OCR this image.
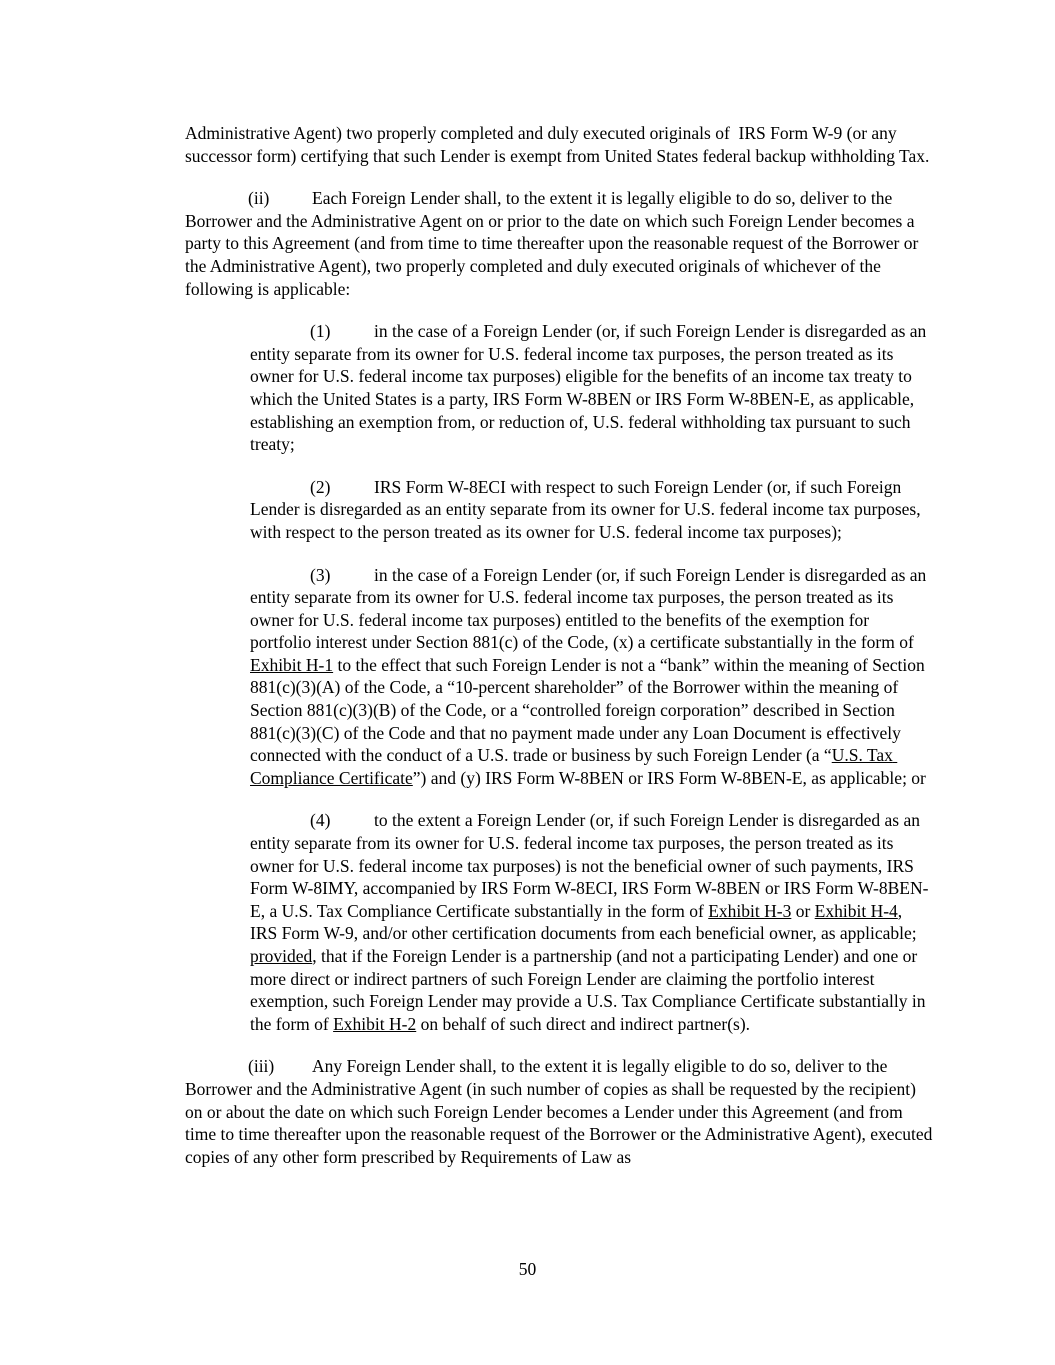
Administrative Agent) two properly completed and duly executed originals of  IRS Form W-9 (or any successor form) certifying that such Lender is exempt from United States federal backup withholding Tax.

(ii) Each Foreign Lender shall, to the extent it is legally eligible to do so, deliver to the Borrower and the Administrative Agent on or prior to the date on which such Foreign Lender becomes a party to this Agreement (and from time to time thereafter upon the reasonable request of the Borrower or the Administrative Agent), two properly completed and duly executed originals of whichever of the following is applicable:

(1) in the case of a Foreign Lender (or, if such Foreign Lender is disregarded as an entity separate from its owner for U.S. federal income tax purposes, the person treated as its owner for U.S. federal income tax purposes) eligible for the benefits of an income tax treaty to which the United States is a party, IRS Form W-8BEN or IRS Form W-8BEN-E, as applicable, establishing an exemption from, or reduction of, U.S. federal withholding tax pursuant to such treaty;

(2) IRS Form W-8ECI with respect to such Foreign Lender (or, if such Foreign Lender is disregarded as an entity separate from its owner for U.S. federal income tax purposes, with respect to the person treated as its owner for U.S. federal income tax purposes);

(3) in the case of a Foreign Lender (or, if such Foreign Lender is disregarded as an entity separate from its owner for U.S. federal income tax purposes, the person treated as its owner for U.S. federal income tax purposes) entitled to the benefits of the exemption for portfolio interest under Section 881(c) of the Code, (x) a certificate substantially in the form of Exhibit H-1 to the effect that such Foreign Lender is not a “bank” within the meaning of Section 881(c)(3)(A) of the Code, a “10-percent shareholder” of the Borrower within the meaning of Section 881(c)(3)(B) of the Code, or a “controlled foreign corporation” described in Section 881(c)(3)(C) of the Code and that no payment made under any Loan Document is effectively connected with the conduct of a U.S. trade or business by such Foreign Lender (a “U.S. Tax Compliance Certificate”) and (y) IRS Form W-8BEN or IRS Form W-8BEN-E, as applicable; or

(4) to the extent a Foreign Lender (or, if such Foreign Lender is disregarded as an entity separate from its owner for U.S. federal income tax purposes, the person treated as its owner for U.S. federal income tax purposes) is not the beneficial owner of such payments, IRS Form W-8IMY, accompanied by IRS Form W-8ECI, IRS Form W-8BEN or IRS Form W-8BEN-E, a U.S. Tax Compliance Certificate substantially in the form of Exhibit H-3 or Exhibit H-4, IRS Form W-9, and/or other certification documents from each beneficial owner, as applicable; provided, that if the Foreign Lender is a partnership (and not a participating Lender) and one or more direct or indirect partners of such Foreign Lender are claiming the portfolio interest exemption, such Foreign Lender may provide a U.S. Tax Compliance Certificate substantially in the form of Exhibit H-2 on behalf of such direct and indirect partner(s).

(iii) Any Foreign Lender shall, to the extent it is legally eligible to do so, deliver to the Borrower and the Administrative Agent (in such number of copies as shall be requested by the recipient) on or about the date on which such Foreign Lender becomes a Lender under this Agreement (and from time to time thereafter upon the reasonable request of the Borrower or the Administrative Agent), executed copies of any other form prescribed by Requirements of Law as

50
